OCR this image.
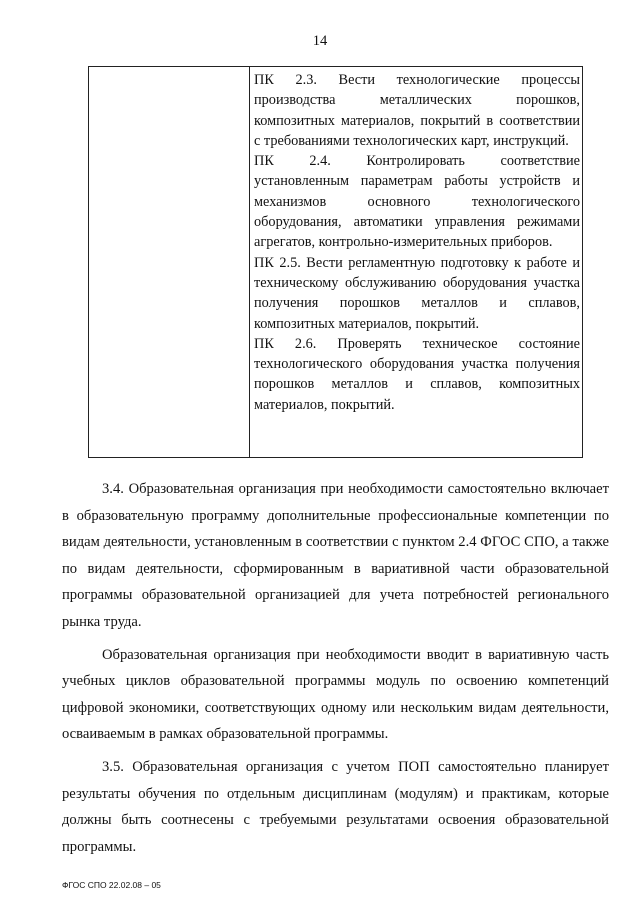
14
ПК 2.3. Вести технологические процессы производства металлических порошков, композитных материалов, покрытий в соответствии с требованиями технологических карт, инструкций.
ПК 2.4. Контролировать соответствие установленным параметрам работы устройств и механизмов основного технологического оборудования, автоматики управления режимами агрегатов, контрольно-измерительных приборов.
ПК 2.5. Вести регламентную подготовку к работе и техническому обслуживанию оборудования участка получения порошков металлов и сплавов, композитных материалов, покрытий.
ПК 2.6. Проверять техническое состояние технологического оборудования участка получения порошков металлов и сплавов, композитных материалов, покрытий.

3.4. Образовательная организация при необходимости самостоятельно включает в образовательную программу дополнительные профессиональные компетенции по видам деятельности, установленным в соответствии с пунктом 2.4 ФГОС СПО, а также по видам деятельности, сформированным в вариативной части образовательной программы образовательной организацией для учета потребностей регионального рынка труда.

Образовательная организация при необходимости вводит в вариативную часть учебных циклов образовательной программы модуль по освоению компетенций цифровой экономики, соответствующих одному или нескольким видам деятельности, осваиваемым в рамках образовательной программы.

3.5. Образовательная организация с учетом ПОП самостоятельно планирует результаты обучения по отдельным дисциплинам (модулям) и практикам, которые должны быть соотнесены с требуемыми результатами освоения образовательной программы.

ФГОС СПО 22.02.08 – 05
